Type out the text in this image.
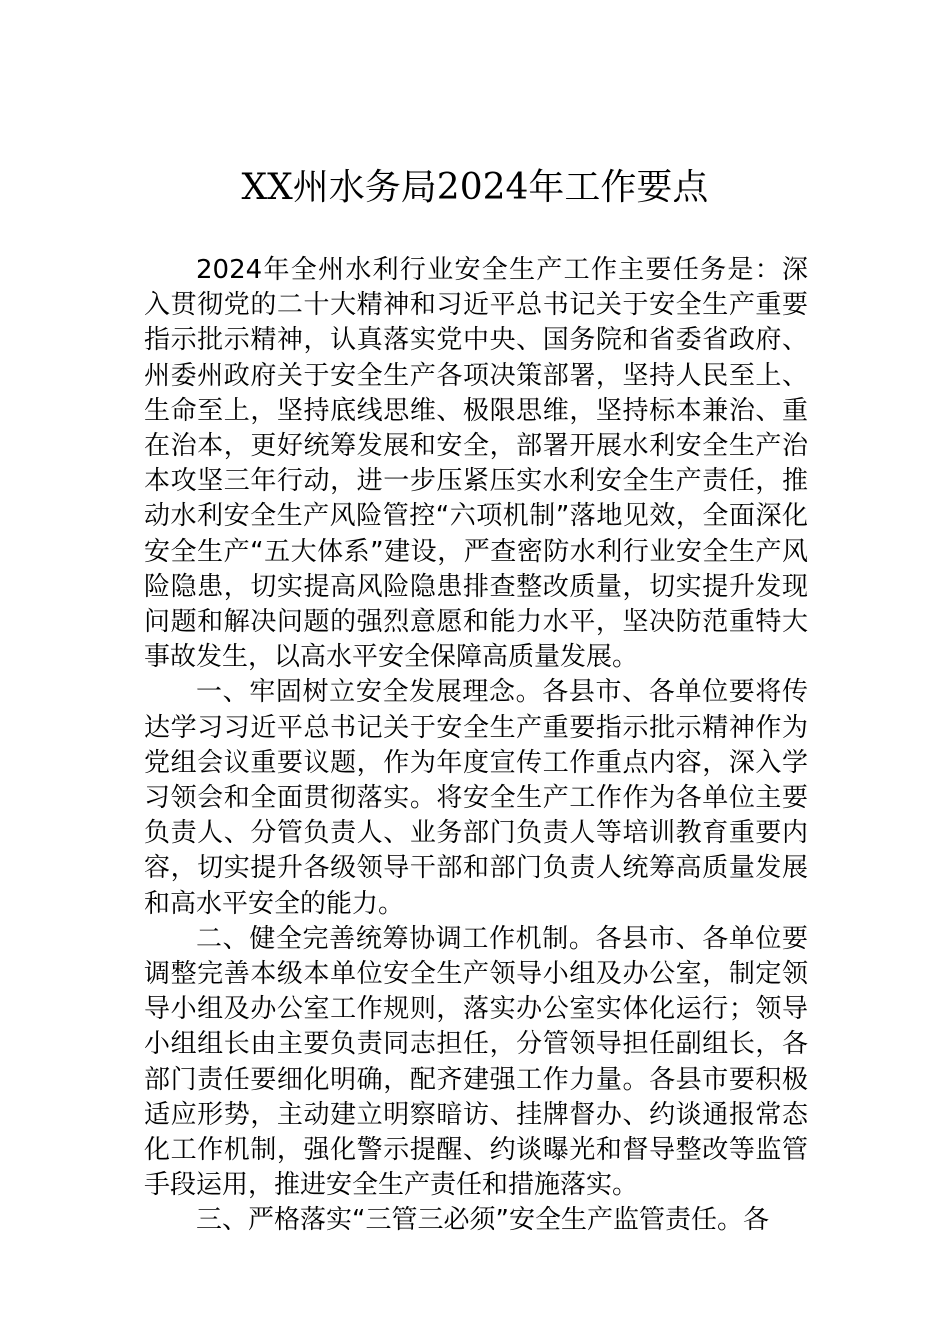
XX州水务局2024年工作要点

2024年全州水利行业安全生产工作主要任务是：深入贯彻党的二十大精神和习近平总书记关于安全生产重要指示批示精神，认真落实党中央、国务院和省委省政府、州委州政府关于安全生产各项决策部署，坚持人民至上、生命至上，坚持底线思维、极限思维，坚持标本兼治、重在治本，更好统筹发展和安全，部署开展水利安全生产治本攻坚三年行动，进一步压紧压实水利安全生产责任，推动水利安全生产风险管控“六项机制”落地见效，全面深化安全生产“五大体系”建设，严查密防水利行业安全生产风险隐患，切实提高风险隐患排查整改质量，切实提升发现问题和解决问题的强烈意愿和能力水平，坚决防范重特大事故发生，以高水平安全保障高质量发展。

一、牢固树立安全发展理念。各县市、各单位要将传达学习习近平总书记关于安全生产重要指示批示精神作为党组会议重要议题，作为年度宣传工作重点内容，深入学习领会和全面贯彻落实。将安全生产工作作为各单位主要负责人、分管负责人、业务部门负责人等培训教育重要内容，切实提升各级领导干部和部门负责人统筹高质量发展和高水平安全的能力。

二、健全完善统筹协调工作机制。各县市、各单位要调整完善本级本单位安全生产领导小组及办公室，制定领导小组及办公室工作规则，落实办公室实体化运行；领导小组组长由主要负责同志担任，分管领导担任副组长，各部门责任要细化明确，配齐建强工作力量。各县市要积极适应形势，主动建立明察暗访、挂牌督办、约谈通报常态化工作机制，强化警示提醒、约谈曝光和督导整改等监管手段运用，推进安全生产责任和措施落实。

三、严格落实“三管三必须”安全生产监管责任。各
